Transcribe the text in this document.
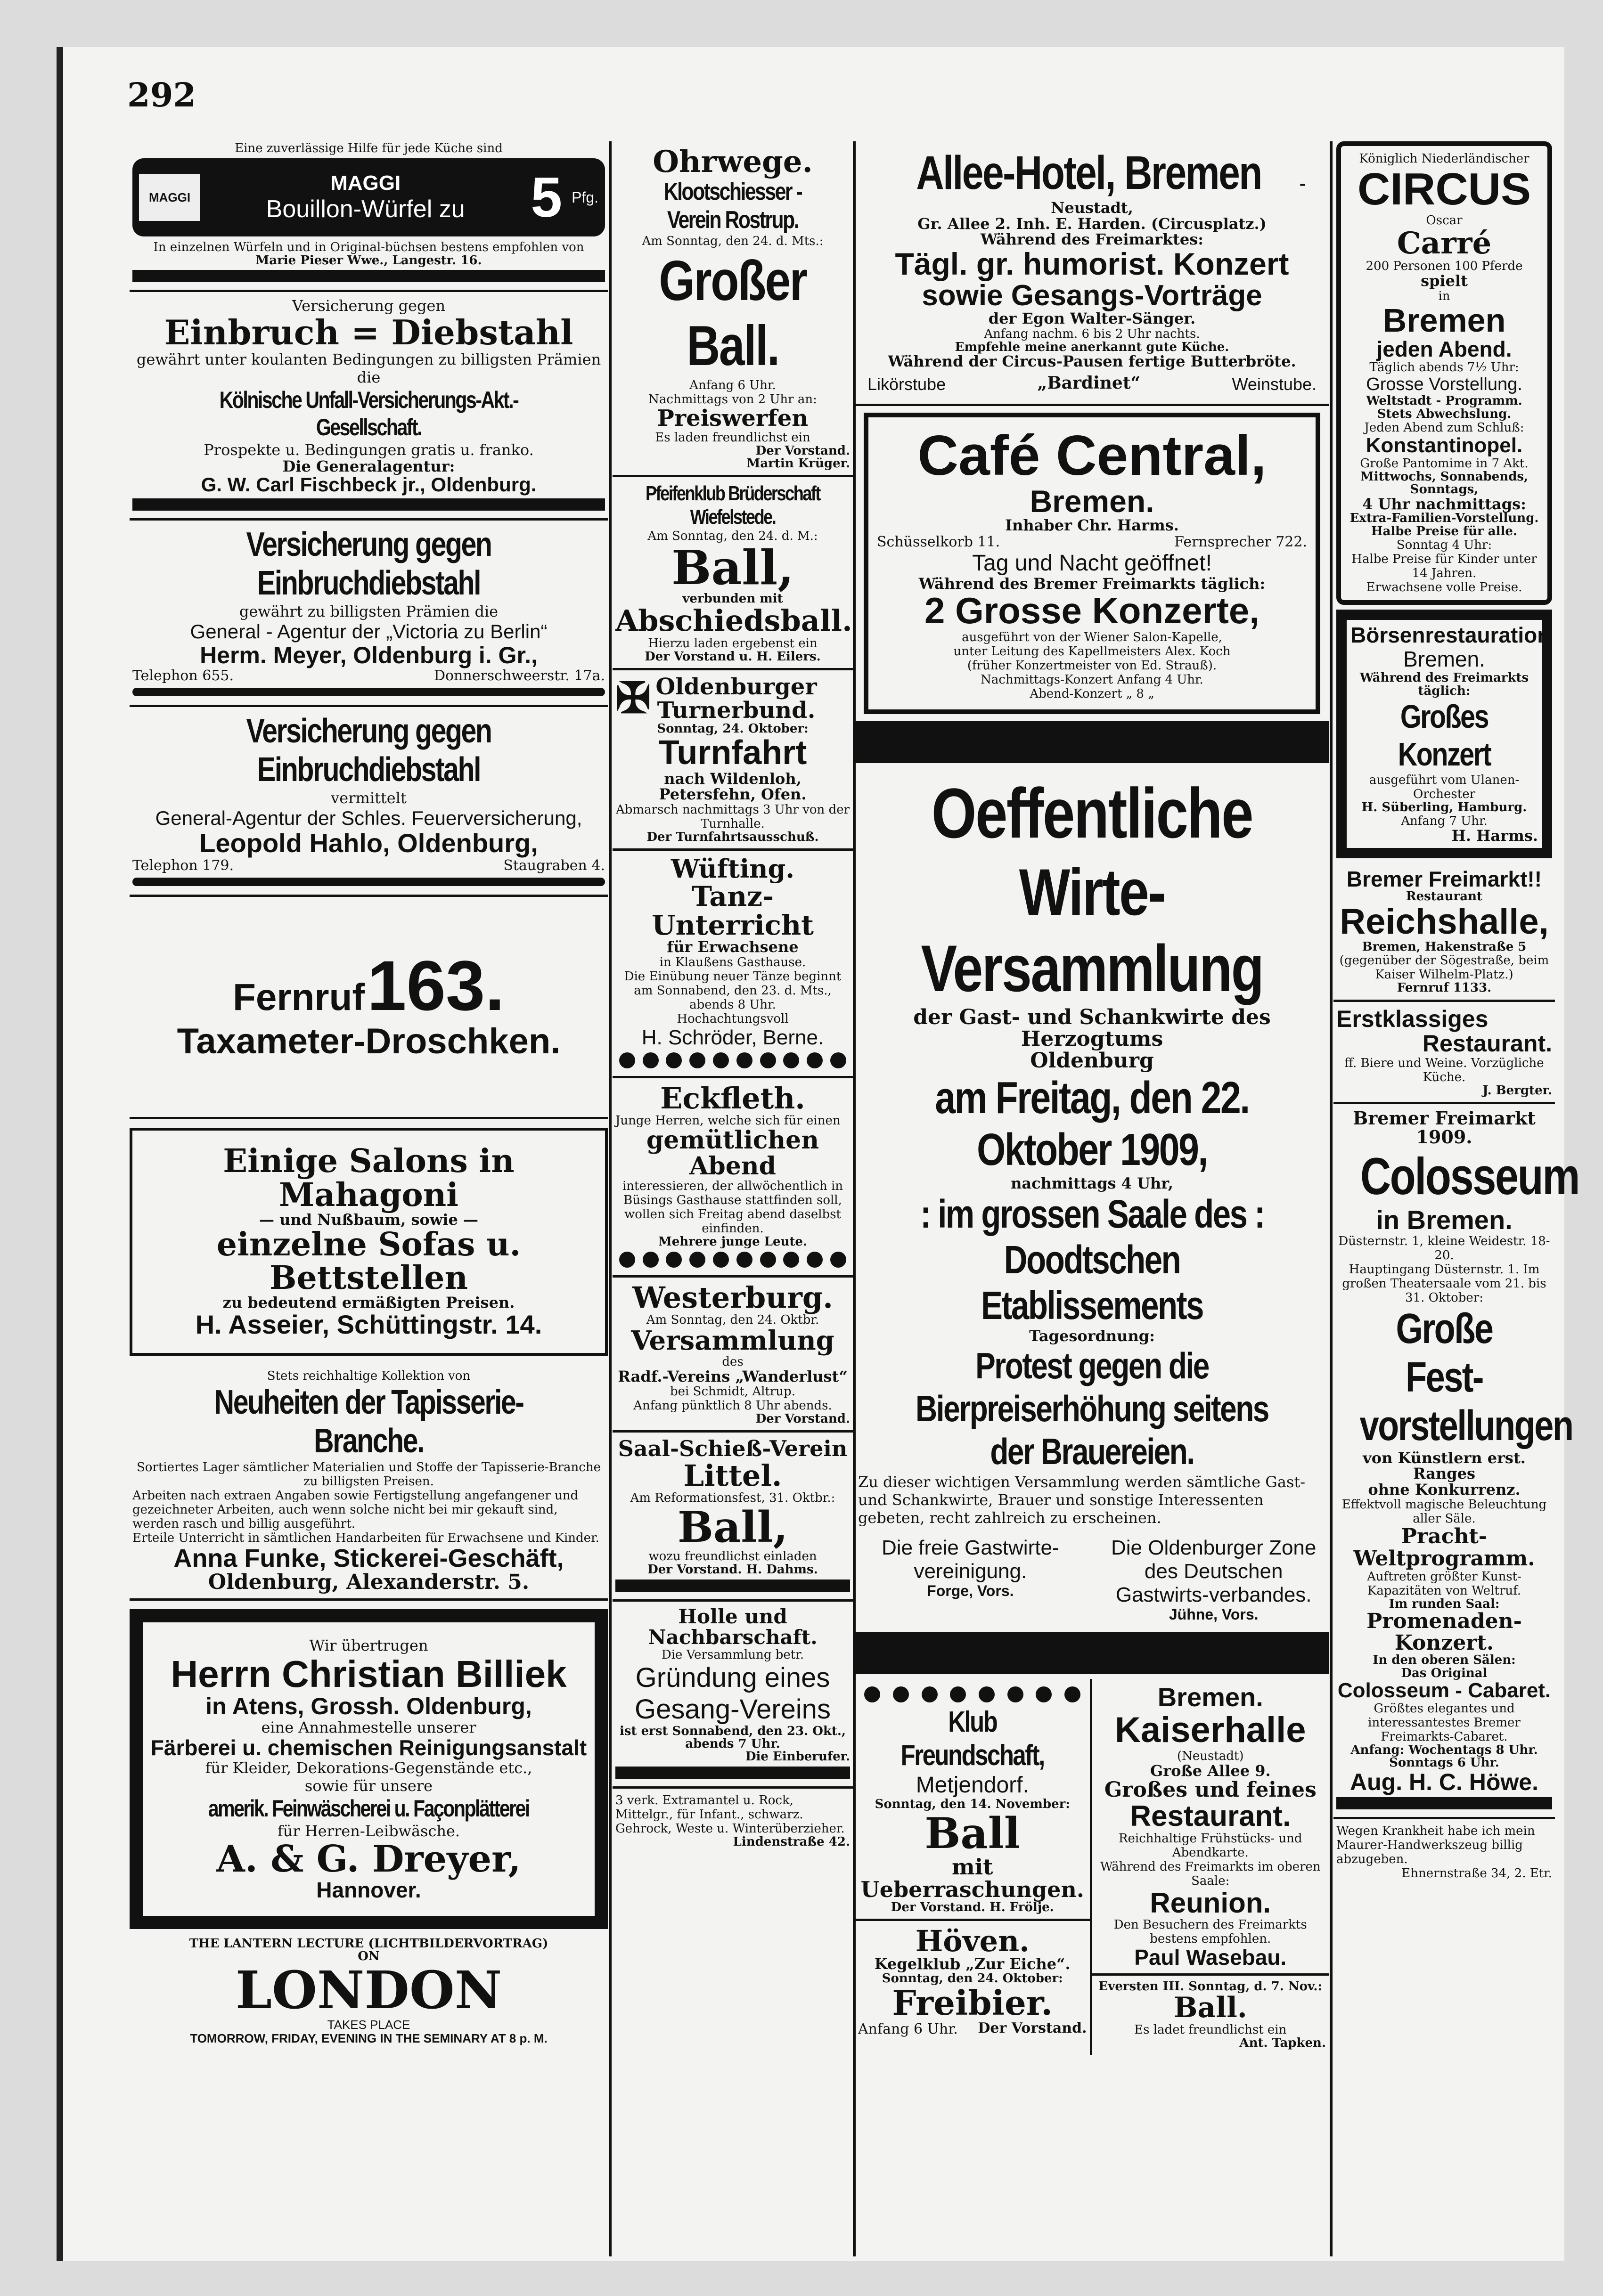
292
Eine zuverlässige Hilfe für jede Küche sind
MAGGI
MAGGI
Bouillon-Würfel zu	5 Pfg.
In einzelnen Würfeln und in Original-büchsen bestens empfohlen von
Marie Pieser Wwe., Langestr. 16.
Versicherung gegen
Einbruch = Diebstahl
gewährt unter koulanten Bedingungen zu billigsten Prämien die
Kölnische Unfall-Versicherungs-Akt.-Gesellschaft.
Prospekte u. Bedingungen gratis u. franko.
Die Generalagentur:
G. W. Carl Fischbeck jr., Oldenburg.
Versicherung gegen Einbruchdiebstahl
gewährt zu billigsten Prämien die
General - Agentur der „Victoria zu Berlin“
Herm. Meyer, Oldenburg i. Gr.,
Telephon 655.	Donnerschweerstr. 17a.
Versicherung gegen Einbruchdiebstahl
vermittelt
General-Agentur der Schles. Feuerversicherung,
Leopold Hahlo, Oldenburg,
Telephon 179.	Staugraben 4.
Fernruf 163.
Taxameter-Droschken.
Einige Salons in Mahagoni
— und Nußbaum, sowie —
einzelne Sofas u. Bettstellen
zu bedeutend ermäßigten Preisen.
H. Asseier, Schüttingstr. 14.
Stets reichhaltige Kollektion von
Neuheiten der Tapisserie-Branche.
Sortiertes Lager sämtlicher Materialien und Stoffe der Tapisserie-Branche zu billigsten Preisen.
Arbeiten nach extraen Angaben sowie Fertigstellung angefangener und gezeichneter Arbeiten, auch wenn solche nicht bei mir gekauft sind, werden rasch und billig ausgeführt.
Erteile Unterricht in sämtlichen Handarbeiten für Erwachsene und Kinder.
Anna Funke, Stickerei-Geschäft,
Oldenburg, Alexanderstr. 5.
Wir übertrugen
Herrn Christian Billiek
in Atens, Grossh. Oldenburg,
eine Annahmestelle unserer
Färberei u. chemischen Reinigungsanstalt
für Kleider, Dekorations-Gegenstände etc.,
sowie für unsere
amerik. Feinwäscherei u. Façonplätterei
für Herren-Leibwäsche.
A. & G. Dreyer,
Hannover.
THE LANTERN LECTURE (LICHTBILDERVORTRAG)
ON
LONDON
TAKES PLACE
TOMORROW, FRIDAY, EVENING IN THE SEMINARY AT 8 p. M.
Ohrwege.
Klootschiesser - Verein Rostrup.
Am Sonntag, den 24. d. Mts.:
Großer Ball.
Anfang 6 Uhr.
Nachmittags von 2 Uhr an:
Preiswerfen
Es laden freundlichst ein
Der Vorstand.
Martin Krüger.
Pfeifenklub Brüderschaft Wiefelstede.
Am Sonntag, den 24. d. M.:
Ball,
verbunden mit
Abschiedsball.
Hierzu laden ergebenst ein
Der Vorstand u. H. Eilers.
✠ Oldenburger
Turnerbund.
Sonntag, 24. Oktober:
Turnfahrt
nach Wildenloh, Petersfehn, Ofen.
Abmarsch nachmittags 3 Uhr von der Turnhalle.
Der Turnfahrtsausschuß.
Wüfting.
Tanz-Unterricht
für Erwachsene
in Klaußens Gasthause.
Die Einübung neuer Tänze beginnt am Sonnabend, den 23. d. Mts., abends 8 Uhr.
Hochachtungsvoll
H. Schröder, Berne.
Eckfleth.
Junge Herren, welche sich für einen
gemütlichen Abend
interessieren, der allwöchentlich in Büsings Gasthause stattfinden soll, wollen sich Freitag abend daselbst einfinden.
Mehrere junge Leute.
Westerburg.
Am Sonntag, den 24. Oktbr.
Versammlung
des
Radf.-Vereins „Wanderlust“
bei Schmidt, Altrup.
Anfang pünktlich 8 Uhr abends.
Der Vorstand.
Saal-Schieß-Verein
Littel.
Am Reformationsfest, 31. Oktbr.:
Ball,
wozu freundlichst einladen
Der Vorstand. H. Dahms.
Holle und Nachbarschaft.
Die Versammlung betr.
Gründung eines Gesang-Vereins
ist erst Sonnabend, den 23. Okt., abends 7 Uhr.
Die Einberufer.
3 verk. Extramantel u. Rock, Mittelgr., für Infant., schwarz. Gehrock, Weste u. Winterüberzieher.
Lindenstraße 42.
Allee-Hotel, Bremen	-Neustadt,
Gr. Allee 2. Inh. E. Harden. (Circusplatz.)
Während des Freimarktes:
Tägl. gr. humorist. Konzert
sowie Gesangs-Vorträge
der Egon Walter-Sänger.
Anfang nachm. 6 bis 2 Uhr nachts.
Empfehle meine anerkannt gute Küche.
Während der Circus-Pausen fertige Butterbröte.
Likörstube	„Bardinet“	Weinstube.
Café Central,
Bremen.
Inhaber Chr. Harms.
Schüsselkorb 11.	Fernsprecher 722.
Tag und Nacht geöffnet!
Während des Bremer Freimarkts täglich:
2 Grosse Konzerte,
ausgeführt von der Wiener Salon-Kapelle,
unter Leitung des Kapellmeisters Alex. Koch
(früher Konzertmeister von Ed. Strauß).
Nachmittags-Konzert Anfang 4 Uhr.
Abend-Konzert „ 8 „
Oeffentliche Wirte-Versammlung
der Gast- und Schankwirte des Herzogtums
Oldenburg
am Freitag, den 22. Oktober 1909,
nachmittags 4 Uhr,
: im grossen Saale des : Doodtschen Etablissements
Tagesordnung:
Protest gegen die Bierpreiserhöhung seitens der Brauereien.
Zu dieser wichtigen Versammlung werden sämtliche Gast- und Schankwirte, Brauer und sonstige Interessenten gebeten, recht zahlreich zu erscheinen.
Die freie Gastwirte-vereinigung.
Forge, Vors.
Die Oldenburger Zone des Deutschen Gastwirts-verbandes.
Jühne, Vors.
Klub Freundschaft,
Metjendorf.
Sonntag, den 14. November:
Ball
mit Ueberraschungen.
Der Vorstand. H. Frölje.
Höven.
Kegelklub „Zur Eiche“.
Sonntag, den 24. Oktober:
Freibier.
Anfang 6 Uhr. Der Vorstand.
Bremen.
Kaiserhalle
(Neustadt)
Große Allee 9.
Großes und feines
Restaurant.
Reichhaltige Frühstücks- und Abendkarte.
Während des Freimarkts im oberen Saale:
Reunion.
Den Besuchern des Freimarkts bestens empfohlen.
Paul Wasebau.
Eversten III. Sonntag, d. 7. Nov.:
Ball.
Es ladet freundlichst ein
Ant. Tapken.
Königlich Niederländischer
CIRCUS
Oscar
Carré
200 Personen 100 Pferde
spielt
in
Bremen
jeden Abend.
Täglich abends 7½ Uhr:
Grosse Vorstellung.
Weltstadt - Programm.
Stets Abwechslung.
Jeden Abend zum Schluß:
Konstantinopel.
Große Pantomime in 7 Akt.
Mittwochs, Sonnabends, Sonntags,
4 Uhr nachmittags:
Extra-Familien-Vorstellung.
Halbe Preise für alle.
Sonntag 4 Uhr:
Halbe Preise für Kinder unter 14 Jahren.
Erwachsene volle Preise.
Börsenrestauration
Bremen.
Während des Freimarkts täglich:
Großes Konzert
ausgeführt vom Ulanen-Orchester
H. Süberling, Hamburg.
Anfang 7 Uhr.
H. Harms.
Bremer Freimarkt!!
Restaurant
Reichshalle,
Bremen, Hakenstraße 5
(gegenüber der Sögestraße, beim Kaiser Wilhelm-Platz.)
Fernruf 1133.
Erstklassiges
Restaurant.
ff. Biere und Weine. Vorzügliche Küche.
J. Bergter.
Bremer Freimarkt 1909.
Colosseum
in Bremen.
Düsternstr. 1, kleine Weidestr. 18-20.
Hauptingang Düsternstr. 1. Im großen Theatersaale vom 21. bis 31. Oktober:
Große Fest- vorstellungen
von Künstlern erst. Ranges
ohne Konkurrenz.
Effektvoll magische Beleuchtung aller Säle.
Pracht-Weltprogramm.
Auftreten größter Kunst-Kapazitäten von Weltruf.
Im runden Saal:
Promenaden-Konzert.
In den oberen Sälen:
Das Original
Colosseum - Cabaret.
Größtes elegantes und interessantestes Bremer Freimarkts-Cabaret.
Anfang: Wochentags 8 Uhr. Sonntags 6 Uhr.
Aug. H. C. Höwe.
Wegen Krankheit habe ich mein Maurer-Handwerkszeug billig abzugeben.
Ehnernstraße 34, 2. Etr.
